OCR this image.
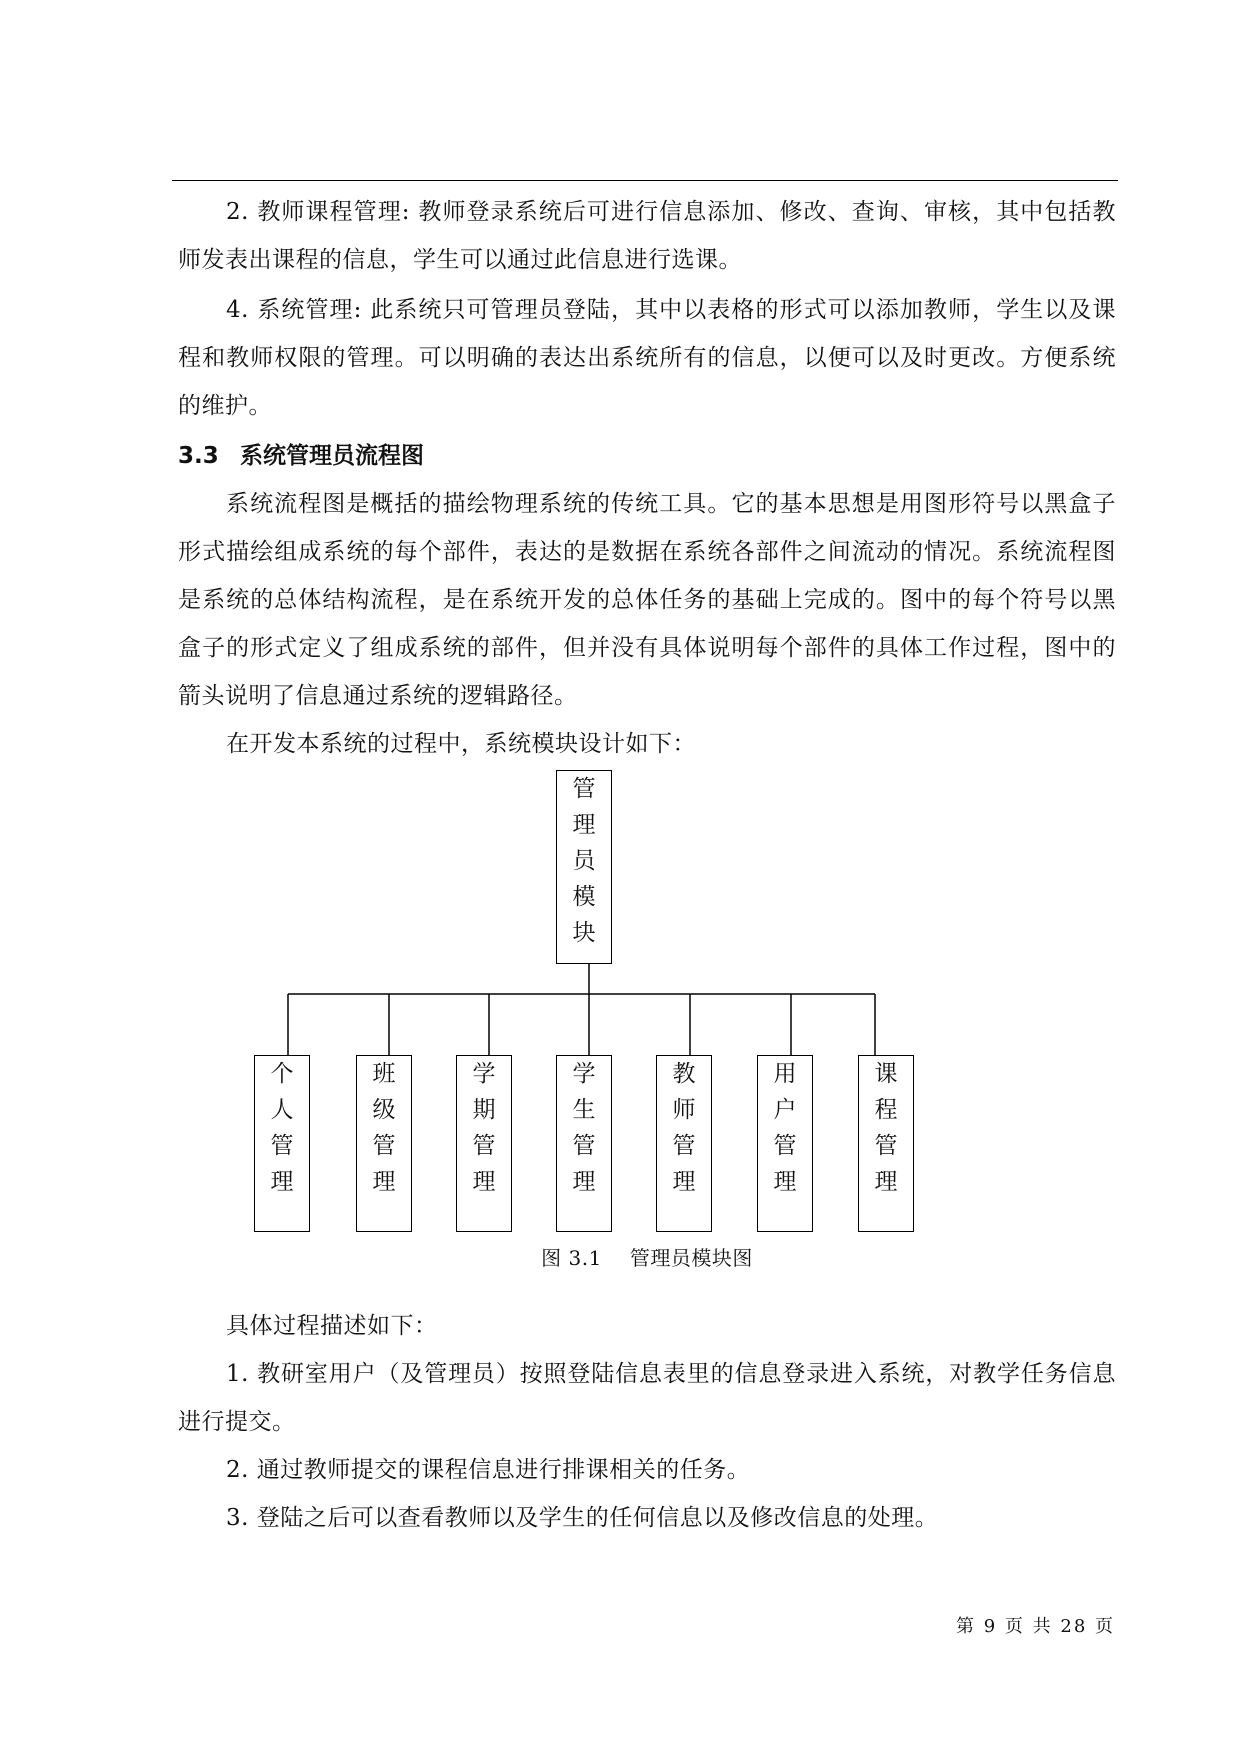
2. 教师课程管理: 教师登录系统后可进行信息添加、修改、查询、审核，其中包括教师发表出课程的信息，学生可以通过此信息进行选课。

4. 系统管理: 此系统只可管理员登陆，其中以表格的形式可以添加教师，学生以及课程和教师权限的管理。可以明确的表达出系统所有的信息，以便可以及时更改。方便系统的维护。

3.3 系统管理员流程图

系统流程图是概括的描绘物理系统的传统工具。它的基本思想是用图形符号以黑盒子形式描绘组成系统的每个部件，表达的是数据在系统各部件之间流动的情况。系统流程图是系统的总体结构流程，是在系统开发的总体任务的基础上完成的。图中的每个符号以黑盒子的形式定义了组成系统的部件，但并没有具体说明每个部件的具体工作过程，图中的箭头说明了信息通过系统的逻辑路径。

在开发本系统的过程中，系统模块设计如下：

管
理
员
模
块
个
人
管
理
班
级
管
理
学
期
管
理
学
生
管
理
教
师
管
理
用
户
管
理
课
程
管
理

图 3.1 管理员模块图

具体过程描述如下：

1. 教研室用户（及管理员）按照登陆信息表里的信息登录进入系统，对教学任务信息进行提交。

2. 通过教师提交的课程信息进行排课相关的任务。

3. 登陆之后可以查看教师以及学生的任何信息以及修改信息的处理。

第 9 页 共 28 页
